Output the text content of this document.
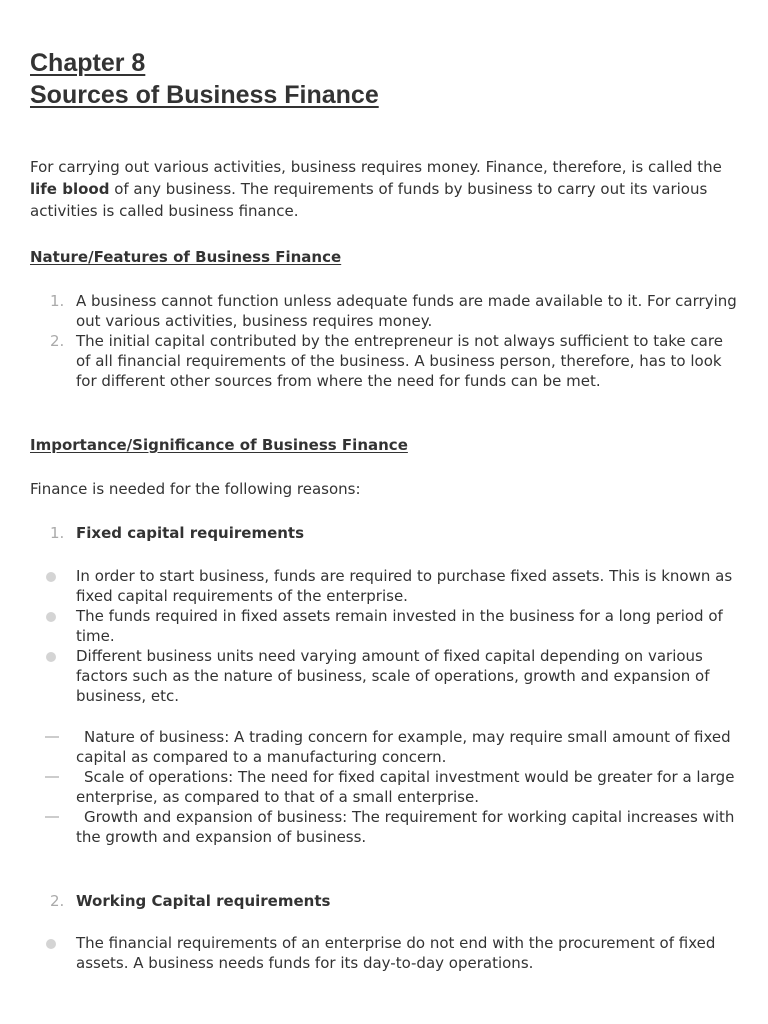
Chapter 8
Sources of Business Finance

For carrying out various activities, business requires money. Finance, therefore, is called the life blood of any business. The requirements of funds by business to carry out its various activities is called business finance.

Nature/Features of Business Finance
1. A business cannot function unless adequate funds are made available to it. For carrying out various activities, business requires money.
2. The initial capital contributed by the entrepreneur is not always sufficient to take care of all financial requirements of the business. A business person, therefore, has to look for different other sources from where the need for funds can be met.
Importance/Significance of Business Finance

Finance is needed for the following reasons:

1. Fixed capital requirements
In order to start business, funds are required to purchase fixed assets. This is known as fixed capital requirements of the enterprise.
The funds required in fixed assets remain invested in the business for a long period of time.
Different business units need varying amount of fixed capital depending on various factors such as the nature of business, scale of operations, growth and expansion of business, etc.
Nature of business: A trading concern for example, may require small amount of fixed capital as compared to a manufacturing concern.
Scale of operations: The need for fixed capital investment would be greater for a large enterprise, as compared to that of a small enterprise.
Growth and expansion of business: The requirement for working capital increases with the growth and expansion of business.
2. Working Capital requirements
The financial requirements of an enterprise do not end with the procurement of fixed assets. A business needs funds for its day-to-day operations.
